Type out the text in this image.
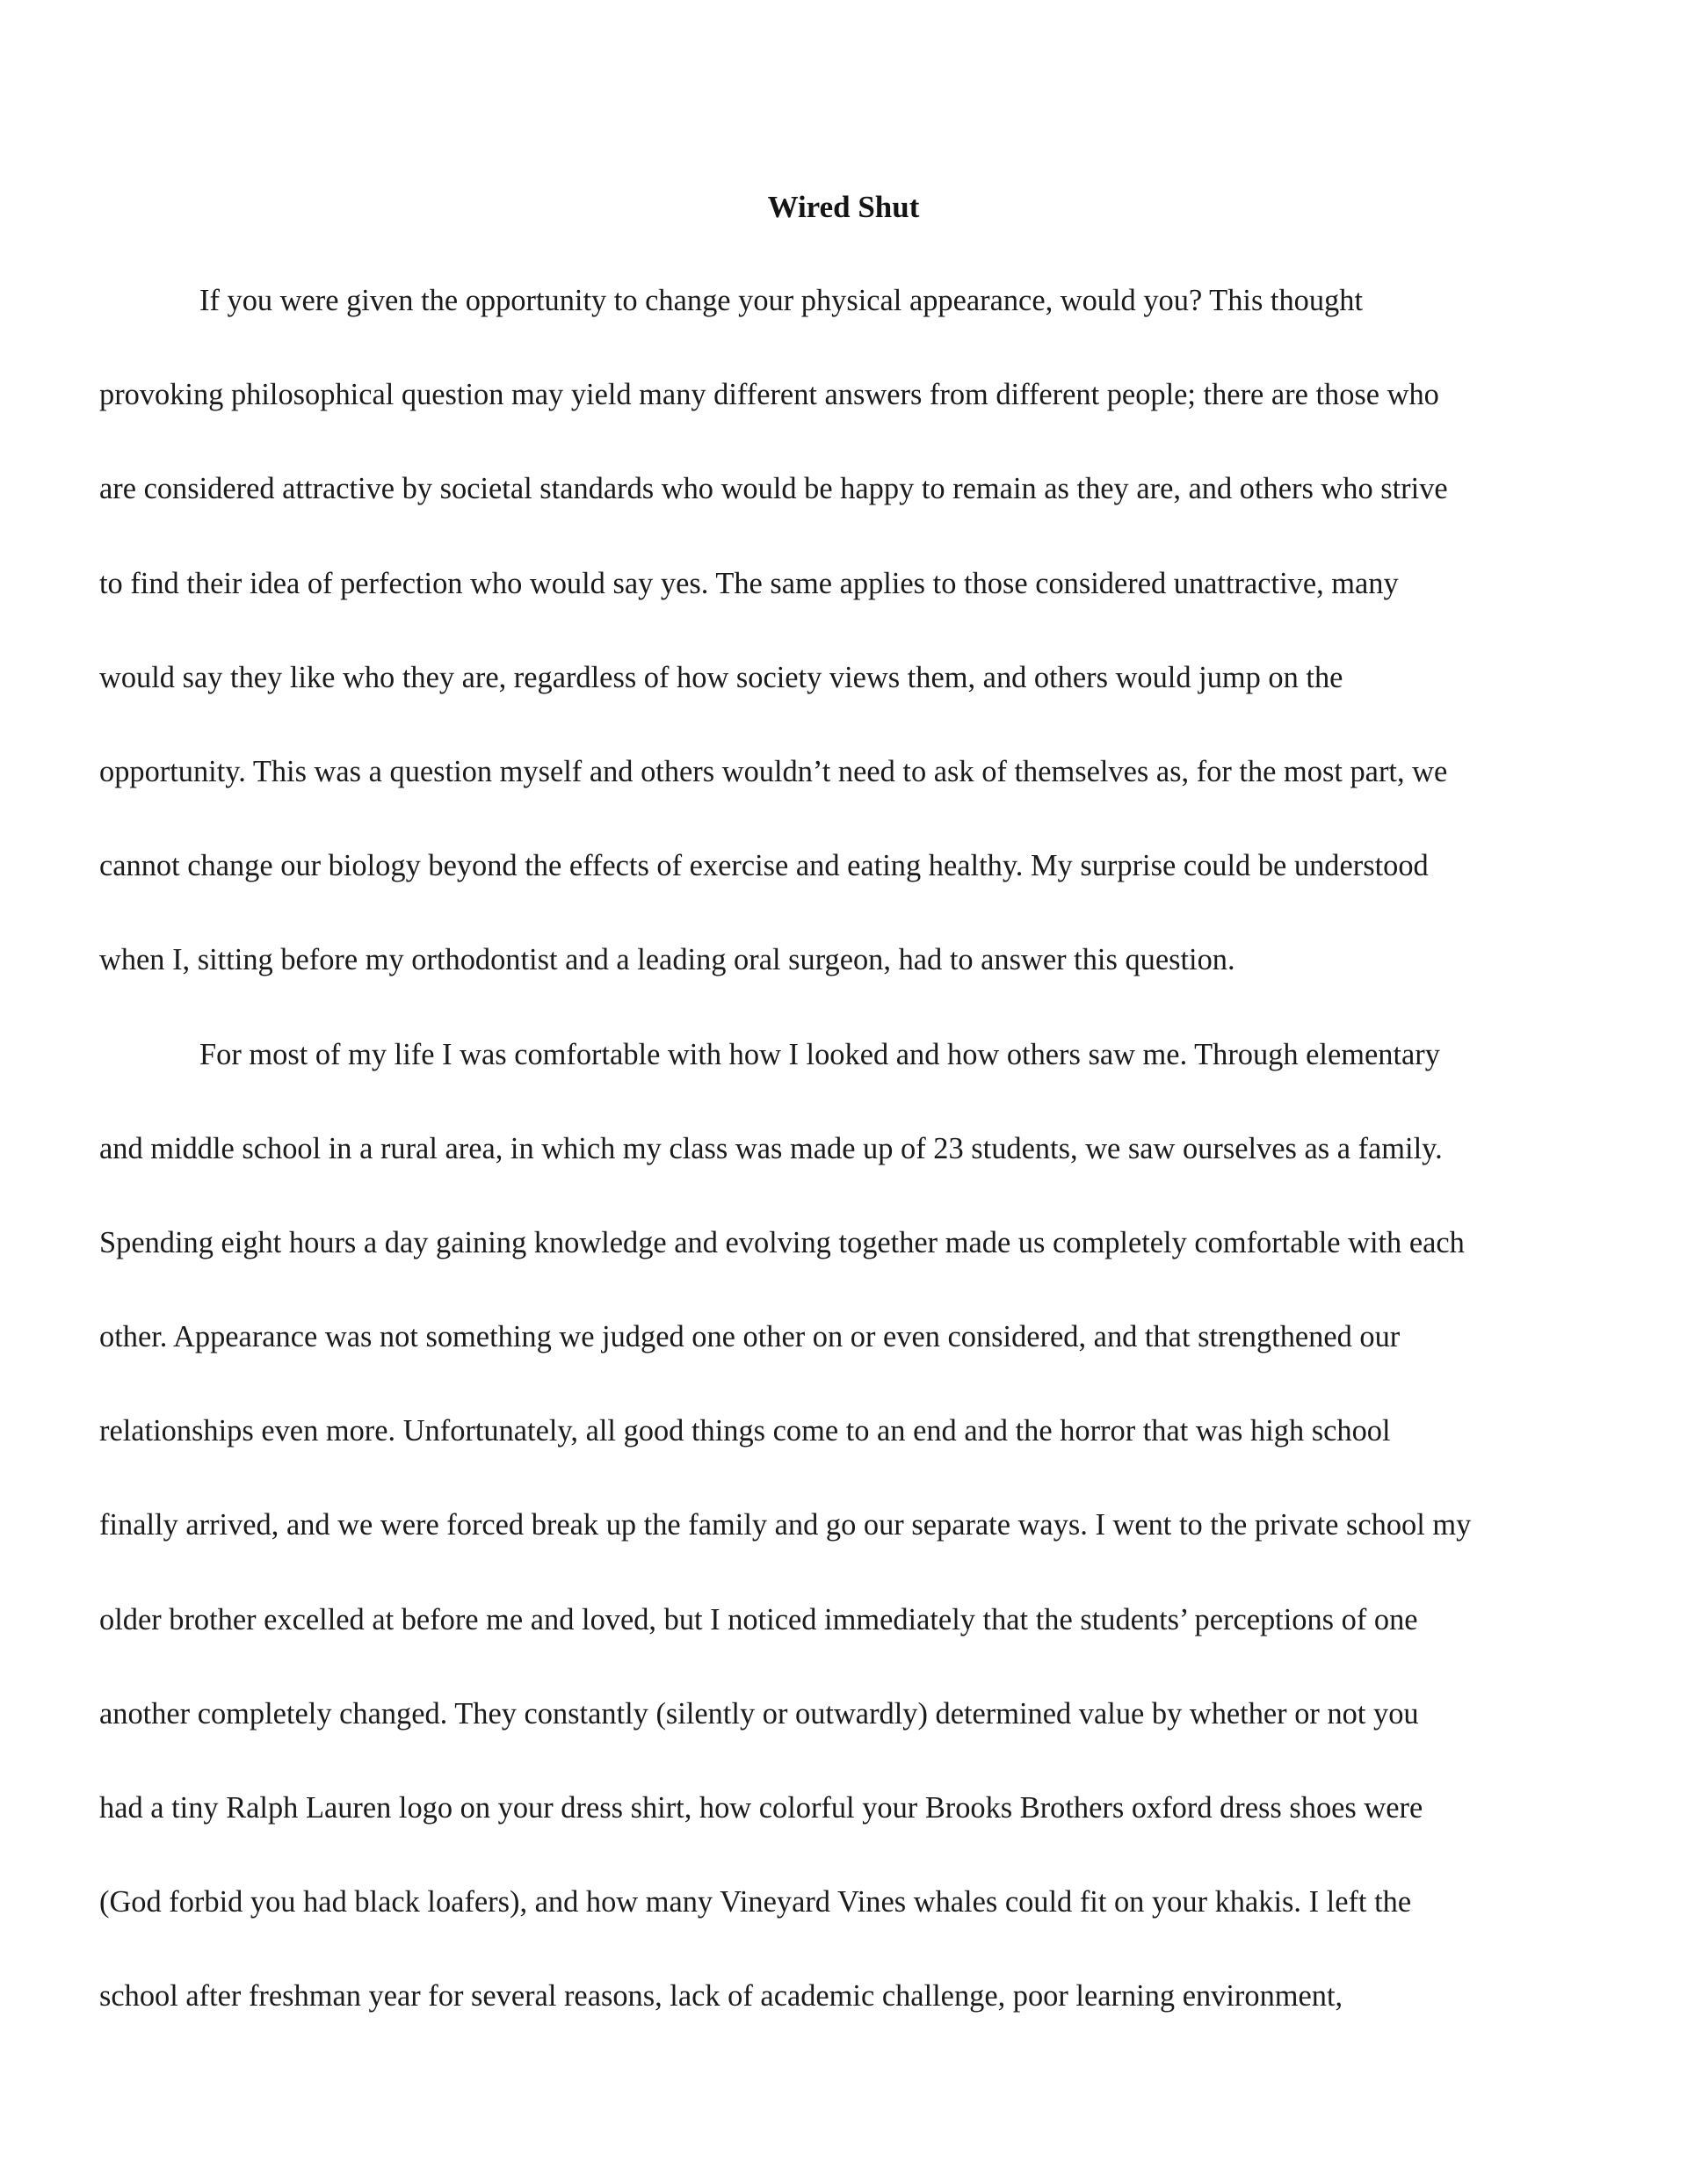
Wired Shut

If you were given the opportunity to change your physical appearance, would you? This thought

provoking philosophical question may yield many different answers from different people; there are those who

are considered attractive by societal standards who would be happy to remain as they are, and others who strive

to find their idea of perfection who would say yes. The same applies to those considered unattractive, many

would say they like who they are, regardless of how society views them, and others would jump on the

opportunity. This was a question myself and others wouldn’t need to ask of themselves as, for the most part, we

cannot change our biology beyond the effects of exercise and eating healthy. My surprise could be understood

when I, sitting before my orthodontist and a leading oral surgeon, had to answer this question.

For most of my life I was comfortable with how I looked and how others saw me. Through elementary

and middle school in a rural area, in which my class was made up of 23 students, we saw ourselves as a family.

Spending eight hours a day gaining knowledge and evolving together made us completely comfortable with each

other. Appearance was not something we judged one other on or even considered, and that strengthened our

relationships even more. Unfortunately, all good things come to an end and the horror that was high school

finally arrived, and we were forced break up the family and go our separate ways. I went to the private school my

older brother excelled at before me and loved, but I noticed immediately that the students’ perceptions of one

another completely changed. They constantly (silently or outwardly) determined value by whether or not you

had a tiny Ralph Lauren logo on your dress shirt, how colorful your Brooks Brothers oxford dress shoes were

(God forbid you had black loafers), and how many Vineyard Vines whales could fit on your khakis. I left the

school after freshman year for several reasons, lack of academic challenge, poor learning environment,
